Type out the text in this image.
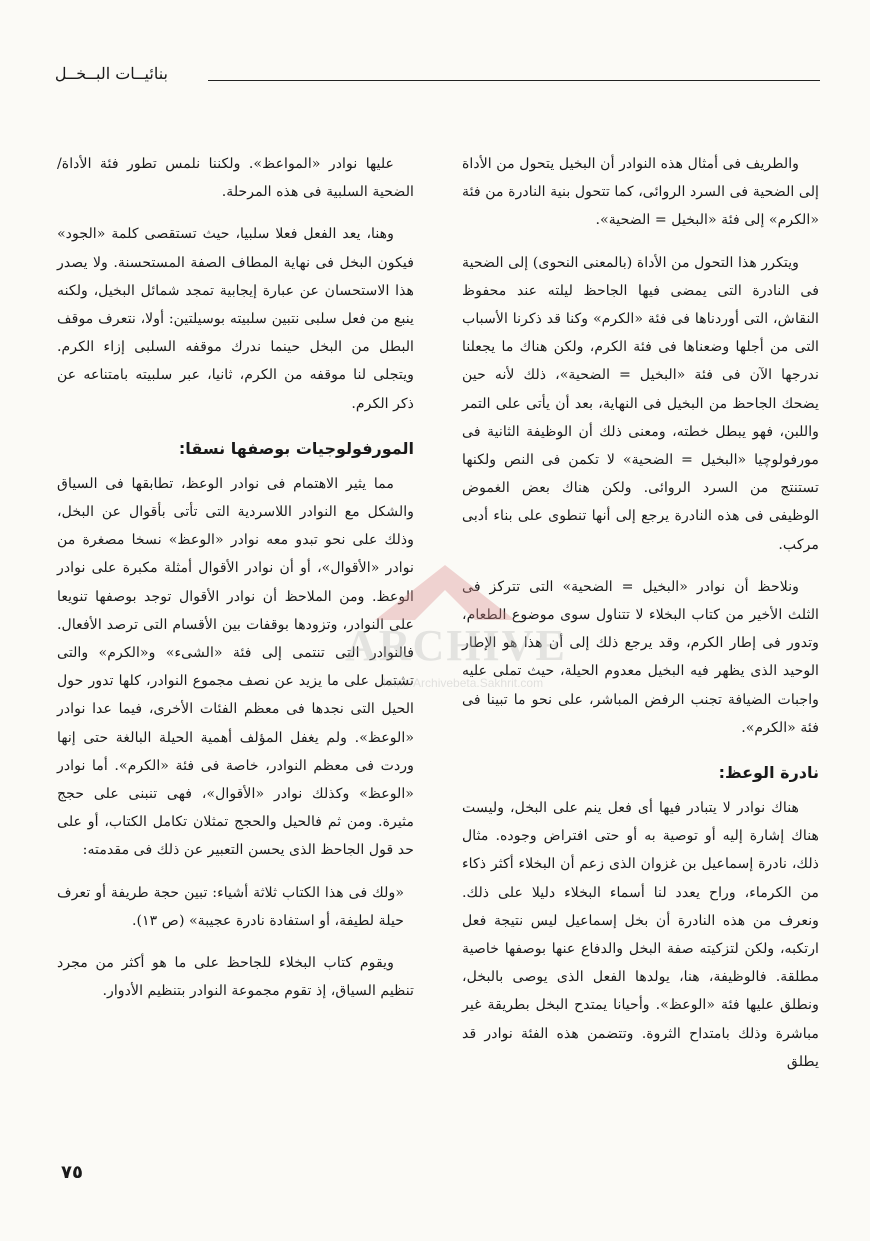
بنائيــات البــخــل

والطريف فى أمثال هذه النوادر أن البخيل يتحول من الأداة إلى الضحية فى السرد الروائى، كما تتحول بنية النادرة من فئة «الكرم» إلى فئة «البخيل = الضحية».

ويتكرر هذا التحول من الأداة (بالمعنى النحوى) إلى الضحية فى النادرة التى يمضى فيها الجاحظ ليلته عند محفوظ النقاش، التى أوردناها فى فئة «الكرم» وكنا قد ذكرنا الأسباب التى من أجلها وضعناها فى فئة الكرم، ولكن هناك ما يجعلنا ندرجها الآن فى فئة «البخيل = الضحية»، ذلك لأنه حين يضحك الجاحظ من البخيل فى النهاية، بعد أن يأتى على التمر واللبن، فهو يبطل خطته، ومعنى ذلك أن الوظيفة الثانية فى مورفولوچيا «البخيل = الضحية» لا تكمن فى النص ولكنها تستنتج من السرد الروائى. ولكن هناك بعض الغموض الوظيفى فى هذه النادرة يرجع إلى أنها تنطوى على بناء أدبى مركب.

ونلاحظ أن نوادر «البخيل = الضحية» التى تتركز فى الثلث الأخير من كتاب البخلاء لا تتناول سوى موضوع الطعام، وتدور فى إطار الكرم، وقد يرجع ذلك إلى أن هذا هو الإطار الوحيد الذى يظهر فيه البخيل معدوم الحيلة، حيث تملى عليه واجبات الضيافة تجنب الرفض المباشر، على نحو ما تبينا فى فئة «الكرم».

نادرة الوعظ:

هناك نوادر لا يتبادر فيها أى فعل ينم على البخل، وليست هناك إشارة إليه أو توصية به أو حتى افتراض وجوده. مثال ذلك، نادرة إسماعيل بن غزوان الذى زعم أن البخلاء أكثر ذكاء من الكرماء، وراح يعدد لنا أسماء البخلاء دليلا على ذلك. ونعرف من هذه النادرة أن بخل إسماعيل ليس نتيجة فعل ارتكبه، ولكن لتزكيته صفة البخل والدفاع عنها بوصفها خاصية مطلقة. فالوظيفة، هنا، يولدها الفعل الذى يوصى بالبخل، ونطلق عليها فئة «الوعظ». وأحيانا يمتدح البخل بطريقة غير مباشرة وذلك بامتداح الثروة. وتتضمن هذه الفئة نوادر قد يطلق

عليها نوادر «المواعظ». ولكننا نلمس تطور فئة الأداة/ الضحية السلبية فى هذه المرحلة.

وهنا، يعد الفعل فعلا سلبيا، حيث تستقصى كلمة «الجود» فيكون البخل فى نهاية المطاف الصفة المستحسنة. ولا يصدر هذا الاستحسان عن عبارة إيجابية تمجد شمائل البخيل، ولكنه ينبع من فعل سلبى نتبين سلبيته بوسيلتين: أولا، نتعرف موقف البطل من البخل حينما ندرك موقفه السلبى إزاء الكرم. ويتجلى لنا موقفه من الكرم، ثانيا، عبر سلبيته بامتناعه عن ذكر الكرم.

المورفولوجيات بوصفها نسقا:

مما يثير الاهتمام فى نوادر الوعظ، تطابقها فى السياق والشكل مع النوادر اللاسردية التى تأتى بأقوال عن البخل، وذلك على نحو تبدو معه نوادر «الوعظ» نسخا مصغرة من نوادر «الأقوال»، أو أن نوادر الأقوال أمثلة مكبرة على نوادر الوعظ. ومن الملاحظ أن نوادر الأقوال توجد بوصفها تنويعا على النوادر، وتزودها بوقفات بين الأقسام التى ترصد الأفعال. فالنوادر التى تنتمى إلى فئة «الشىء» و«الكرم» والتى تشتمل على ما يزيد عن نصف مجموع النوادر، كلها تدور حول الحيل التى نجدها فى معظم الفئات الأخرى، فيما عدا نوادر «الوعظ». ولم يغفل المؤلف أهمية الحيلة البالغة حتى إنها وردت فى معظم النوادر، خاصة فى فئة «الكرم». أما نوادر «الوعظ» وكذلك نوادر «الأقوال»، فهى تنبنى على حجج مثيرة. ومن ثم فالحيل والحجج تمثلان تكامل الكتاب، أو على حد قول الجاحظ الذى يحسن التعبير عن ذلك فى مقدمته:

«ولك فى هذا الكتاب ثلاثة أشياء: تبين حجة طريفة أو تعرف حيلة لطيفة، أو استفادة نادرة عجيبة» (ص ١٣).

ويقوم كتاب البخلاء للجاحظ على ما هو أكثر من مجرد تنظيم السياق، إذ تقوم مجموعة النوادر بتنظيم الأدوار.

ARCHIVE
http://Archivebeta.Sakhrit.com
٧٥
